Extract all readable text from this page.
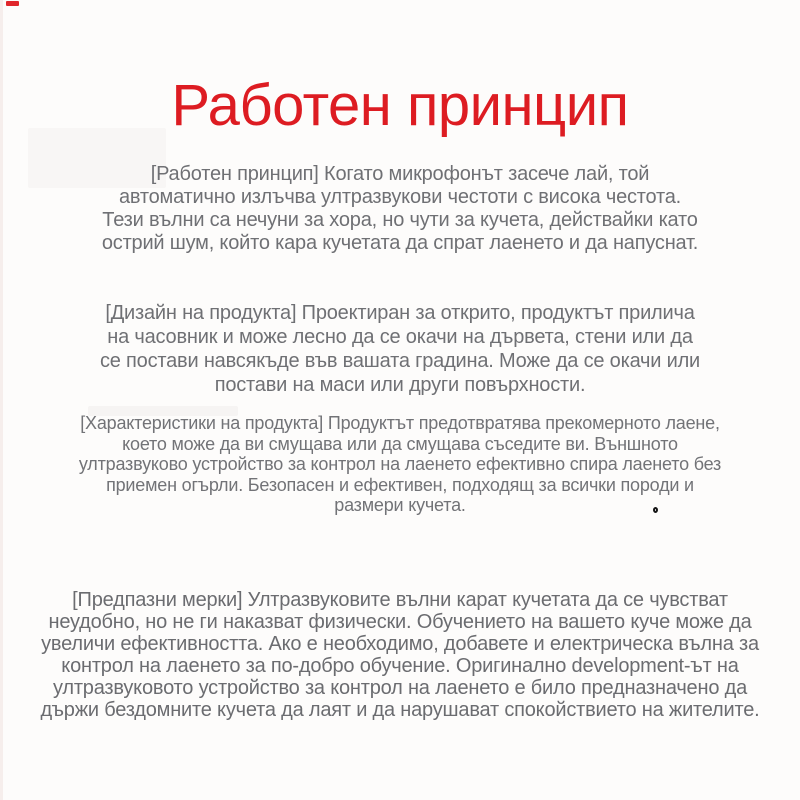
Работен принцип
[Работен принцип] Когато микрофонът засече лай, той
автоматично излъчва ултразвукови честоти с висока честота.
Тези вълни са нечуни за хора, но чути за кучета, действайки като
острий шум, който кара кучетата да спрат лаенето и да напуснат.
[Дизайн на продукта] Проектиран за открито, продуктът прилича
на часовник и може лесно да се окачи на дървета, стени или да
се постави навсякъде във вашата градина. Може да се окачи или
постави на маси или други повърхности.
[Характеристики на продукта] Продуктът предотвратява прекомерното лаене,
което може да ви смущава или да смущава съседите ви. Външното
ултразвуково устройство за контрол на лаенето ефективно спира лаенето без
приемен огърли. Безопасен и ефективен, подходящ за всички породи и
размери кучета.
[Предпазни мерки] Ултразвуковите вълни карат кучетата да се чувстват
неудобно, но не ги наказват физически. Обучението на вашето куче може да
увеличи ефективността. Ако е необходимо, добавете и електрическа вълна за
контрол на лаенето за по-добро обучение. Оригинално development-ът на
ултразвуковото устройство за контрол на лаенето е било предназначено да
държи бездомните кучета да лаят и да нарушават спокойствието на жителите.
